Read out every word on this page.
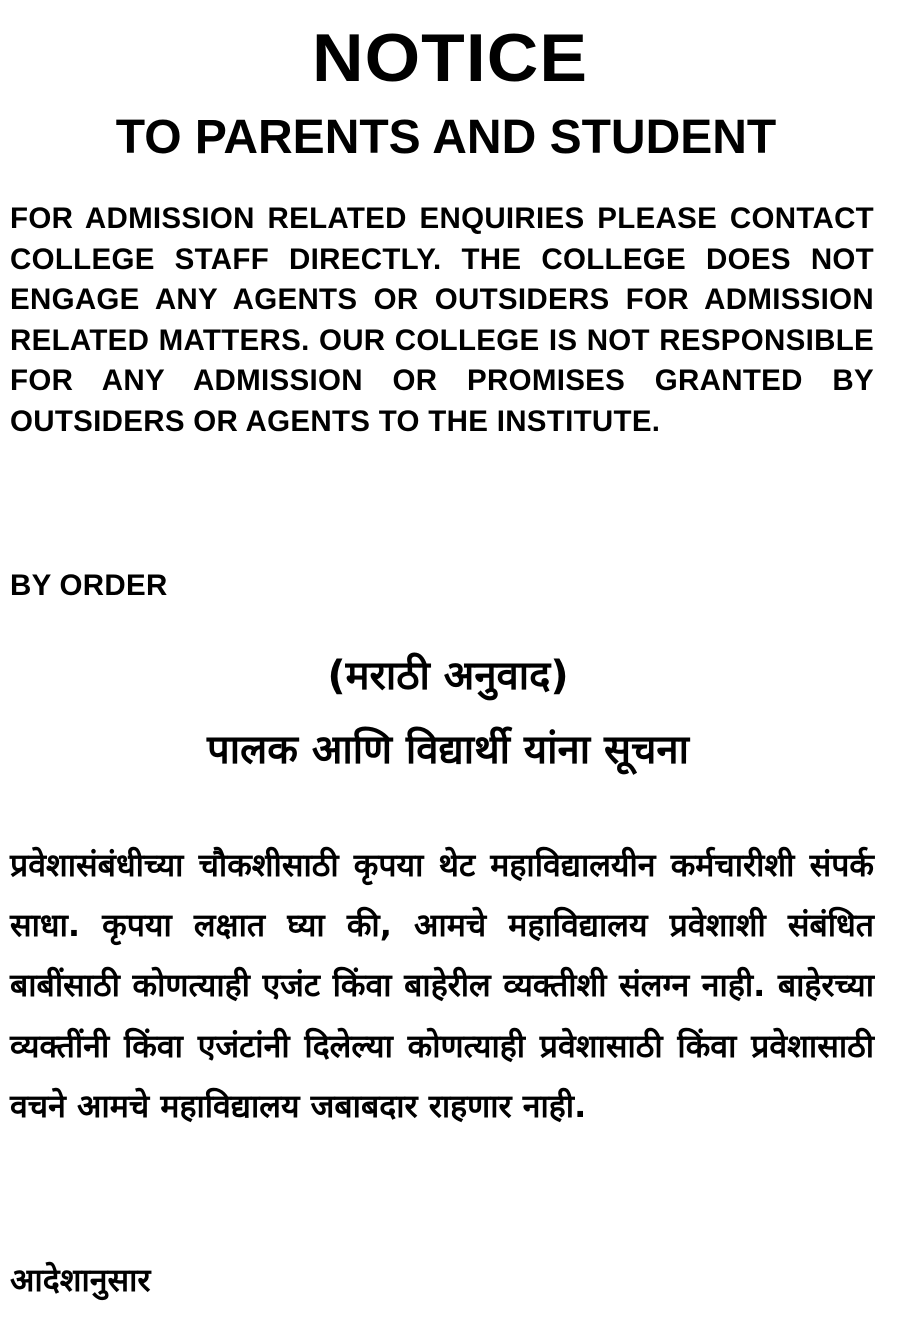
NOTICE
TO PARENTS AND STUDENT

FOR ADMISSION RELATED ENQUIRIES PLEASE CONTACT COLLEGE STAFF DIRECTLY. THE COLLEGE DOES NOT ENGAGE ANY AGENTS OR OUTSIDERS FOR ADMISSION RELATED MATTERS. OUR COLLEGE IS NOT RESPONSIBLE FOR ANY ADMISSION OR PROMISES GRANTED BY OUTSIDERS OR AGENTS TO THE INSTITUTE.

BY ORDER

(मराठी अनुवाद)
पालक आणि विद्यार्थी यांना सूचना

प्रवेशासंबंधीच्या चौकशीसाठी कृपया थेट महाविद्यालयीन कर्मचारीशी संपर्क साधा. कृपया लक्षात घ्या की, आमचे महाविद्यालय प्रवेशाशी संबंधित बाबींसाठी कोणत्याही एजंट किंवा बाहेरील व्यक्तीशी संलग्न नाही. बाहेरच्या व्यक्तींनी किंवा एजंटांनी दिलेल्या कोणत्याही प्रवेशासाठी किंवा प्रवेशासाठी वचने आमचे महाविद्यालय जबाबदार राहणार नाही.

आदेशानुसार
